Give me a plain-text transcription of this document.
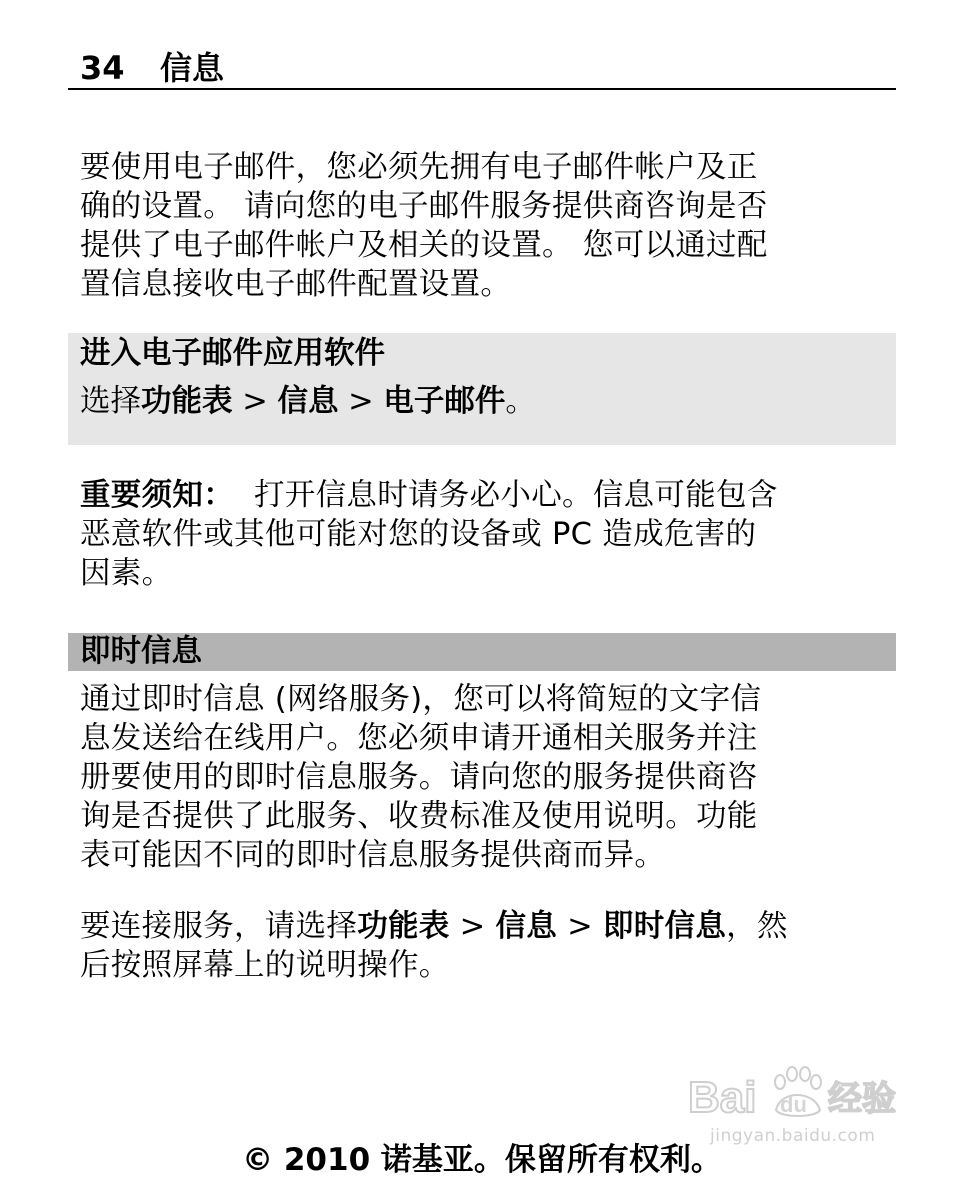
34 信息
要使用电子邮件，您必须先拥有电子邮件帐户及正
确的设置。 请向您的电子邮件服务提供商咨询是否
提供了电子邮件帐户及相关的设置。 您可以通过配
置信息接收电子邮件配置设置。
进入电子邮件应用软件
选择功能表 > 信息 > 电子邮件。
重要须知：  打开信息时请务必小心。信息可能包含
恶意软件或其他可能对您的设备或 PC 造成危害的
因素。
即时信息
通过即时信息 (网络服务)，您可以将简短的文字信
息发送给在线用户。您必须申请开通相关服务并注
册要使用的即时信息服务。请向您的服务提供商咨
询是否提供了此服务、收费标准及使用说明。功能
表可能因不同的即时信息服务提供商而异。
要连接服务，请选择功能表 > 信息 > 即时信息，然
后按照屏幕上的说明操作。
Bai du 经验
jingyan.baidu.com
© 2010 诺基亚。保留所有权利。
